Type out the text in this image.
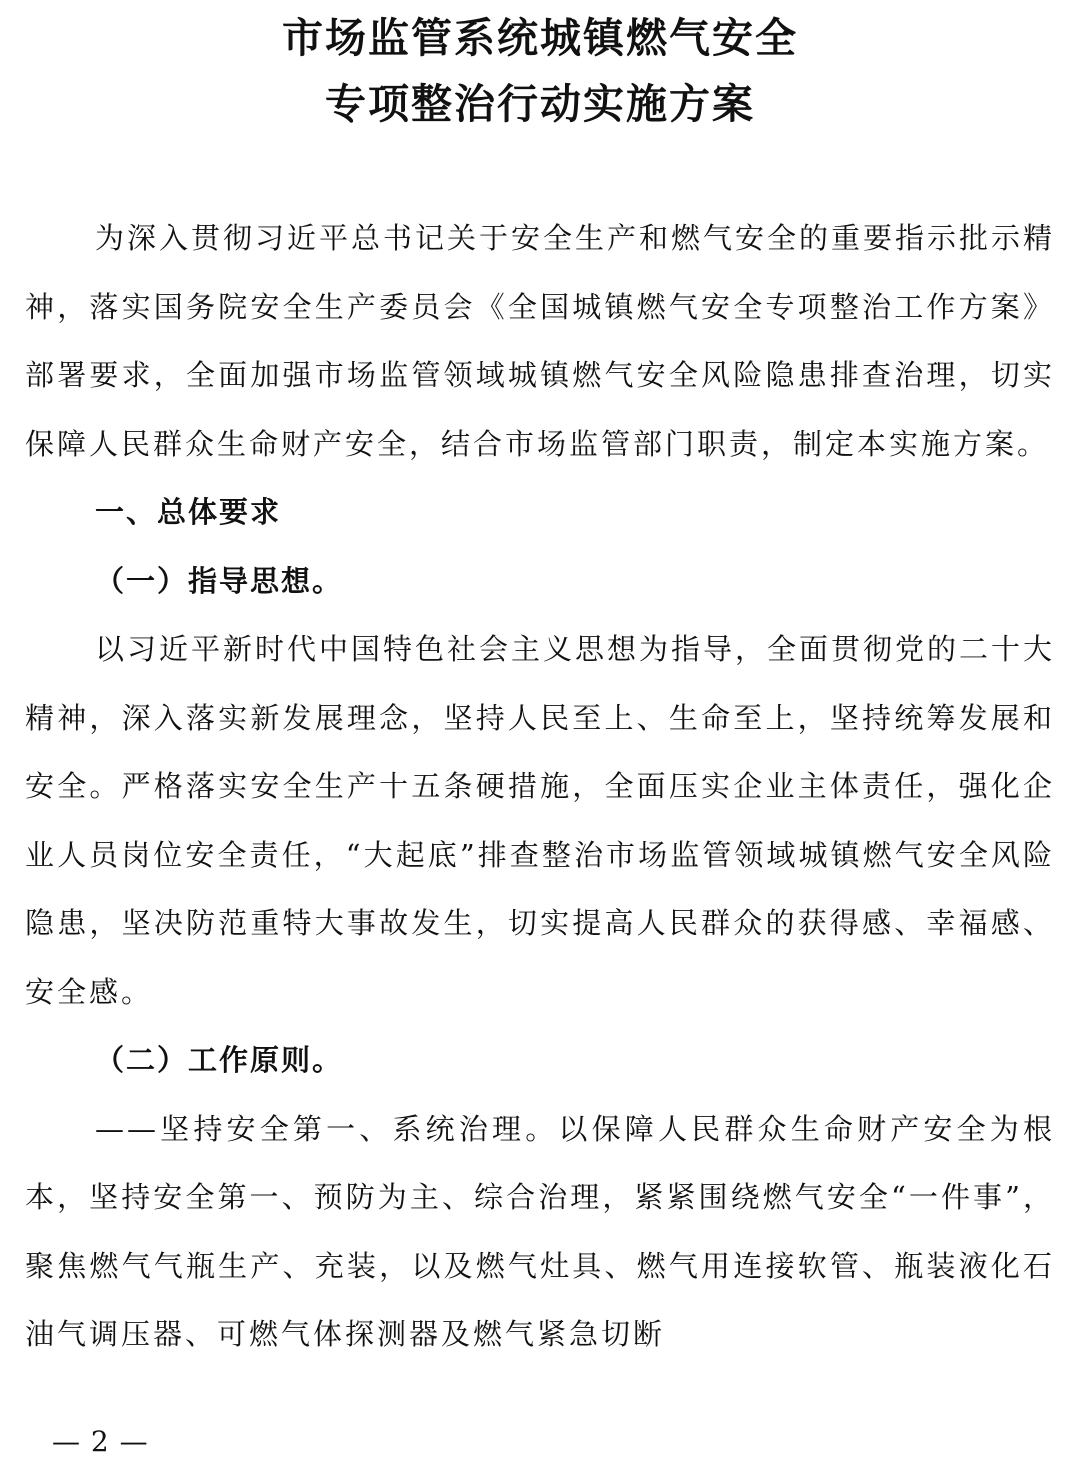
市场监管系统城镇燃气安全
专项整治行动实施方案

为深入贯彻习近平总书记关于安全生产和燃气安全的重要指示批示精神，落实国务院安全生产委员会《全国城镇燃气安全专项整治工作方案》部署要求，全面加强市场监管领域城镇燃气安全风险隐患排查治理，切实保障人民群众生命财产安全，结合市场监管部门职责，制定本实施方案。

一、总体要求

（一）指导思想。

以习近平新时代中国特色社会主义思想为指导，全面贯彻党的二十大精神，深入落实新发展理念，坚持人民至上、生命至上，坚持统筹发展和安全。严格落实安全生产十五条硬措施，全面压实企业主体责任，强化企业人员岗位安全责任，“大起底”排查整治市场监管领域城镇燃气安全风险隐患，坚决防范重特大事故发生，切实提高人民群众的获得感、幸福感、安全感。

（二）工作原则。

——坚持安全第一、系统治理。以保障人民群众生命财产安全为根本，坚持安全第一、预防为主、综合治理，紧紧围绕燃气安全“一件事”，聚焦燃气气瓶生产、充装，以及燃气灶具、燃气用连接软管、瓶装液化石油气调压器、可燃气体探测器及燃气紧急切断

— 2 —
